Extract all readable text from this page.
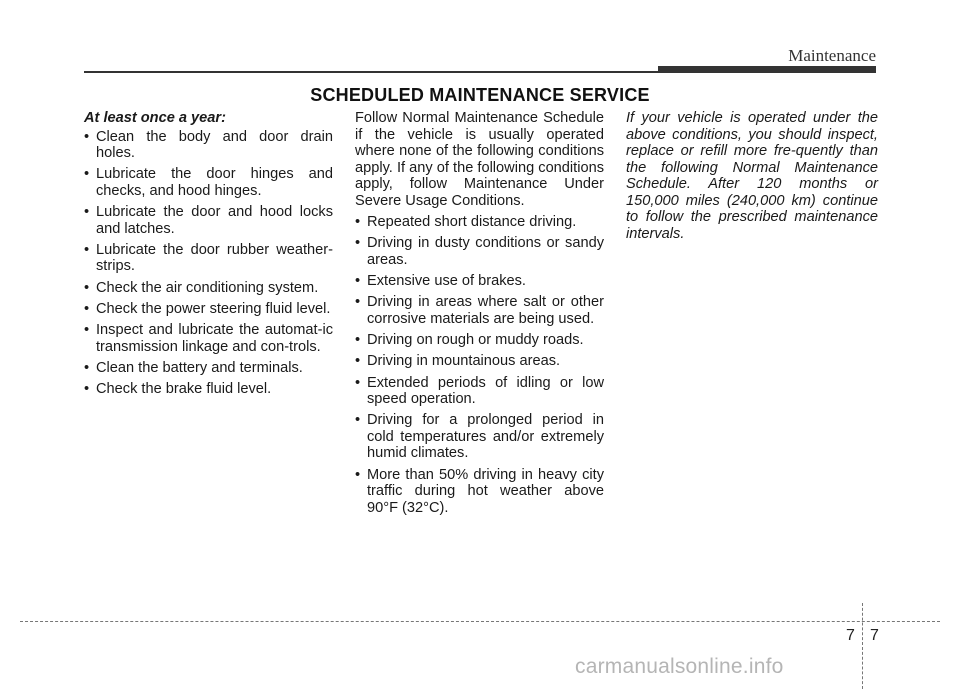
Maintenance
SCHEDULED MAINTENANCE SERVICE
At least once a year:
• Clean the body and door drain holes.
• Lubricate the door hinges and checks, and hood hinges.
• Lubricate the door and hood locks and latches.
• Lubricate the door rubber weather-strips.
• Check the air conditioning system.
• Check the power steering fluid level.
• Inspect and lubricate the automat-ic transmission linkage and con-trols.
• Clean the battery and terminals.
• Check the brake fluid level.

Follow Normal Maintenance Schedule if the vehicle is usually operated where none of the following conditions apply. If any of the following conditions apply, follow Maintenance Under Severe Usage Conditions.

• Repeated short distance driving.
• Driving in dusty conditions or sandy areas.
• Extensive use of brakes.
• Driving in areas where salt or other corrosive materials are being used.
• Driving on rough or muddy roads.
• Driving in mountainous areas.
• Extended periods of idling or low speed operation.
• Driving for a prolonged period in cold temperatures and/or extremely humid climates.
• More than 50% driving in heavy city traffic during hot weather above 90°F (32°C).

If your vehicle is operated under the above conditions, you should inspect, replace or refill more fre-quently than the following Normal Maintenance Schedule. After 120 months or 150,000 miles (240,000 km) continue to follow the prescribed maintenance intervals.

7 7
carmanualsonline.info
